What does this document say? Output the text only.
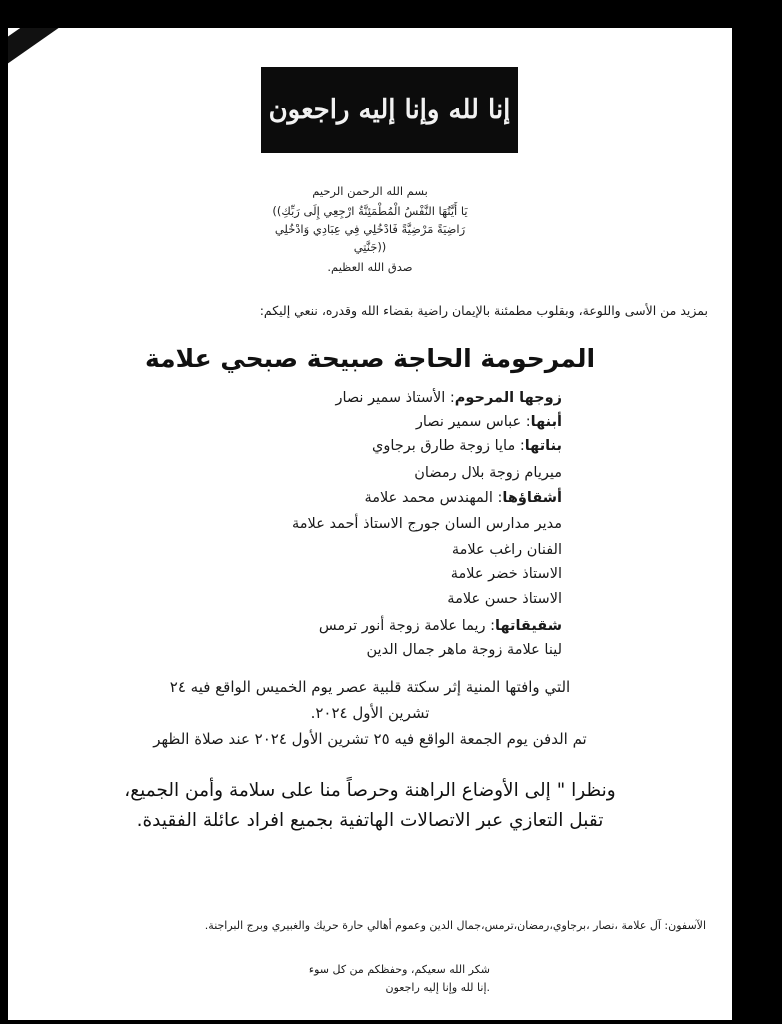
إنا لله وإنا إليه راجعون
بسم الله الرحمن الرحيم
يَا أَيَّتُهَا النَّفْسُ الْمُطْمَئِنَّةُ ارْجِعِي إِلَى رَبِّكِ))
رَاضِيَةً مَرْضِيَّةً فَادْخُلِي فِي عِبَادِي وَادْخُلِي
((جَنَّتِي
صدق الله العظيم.
بمزيد من الأسى واللوعة، وبقلوب مطمئنة بالإيمان راضية بقضاء الله وقدره، ننعي إليكم:
المرحومة الحاجة صبيحة صبحي علامة
زوجها المرحوم: الأستاذ سمير نصار
أبنها: عباس سمير نصار
بناتها: مايا زوجة طارق برجاوي
ميريام زوجة بلال رمضان
أشقاؤها: المهندس محمد علامة
مدير مدارس السان جورج الاستاذ أحمد علامة
الفنان راغب علامة
الاستاذ خضر علامة
الاستاذ حسن علامة
شقيقاتها: ريما علامة زوجة أنور ترمس
لينا علامة زوجة ماهر جمال الدين
التي وافتها المنية إثر سكتة قلبية عصر يوم الخميس الواقع فيه ٢٤
تشرين الأول ٢٠٢٤.
تم الدفن يوم الجمعة الواقع فيه ٢٥ تشرين الأول ٢٠٢٤ عند صلاة الظهر
ونظرا " إلى الأوضاع الراهنة وحرصاً منا على سلامة وأمن الجميع،
تقبل التعازي عبر الاتصالات الهاتفية بجميع افراد عائلة الفقيدة.
الآسفون: آل علامة ،نصار ،برجاوي،رمضان،ترمس،جمال الدين وعموم أهالي حارة حريك والغبيري وبرج البراجنة.
شكر الله سعيكم، وحفظكم من كل سوء
.إنا لله وإنا إليه راجعون
